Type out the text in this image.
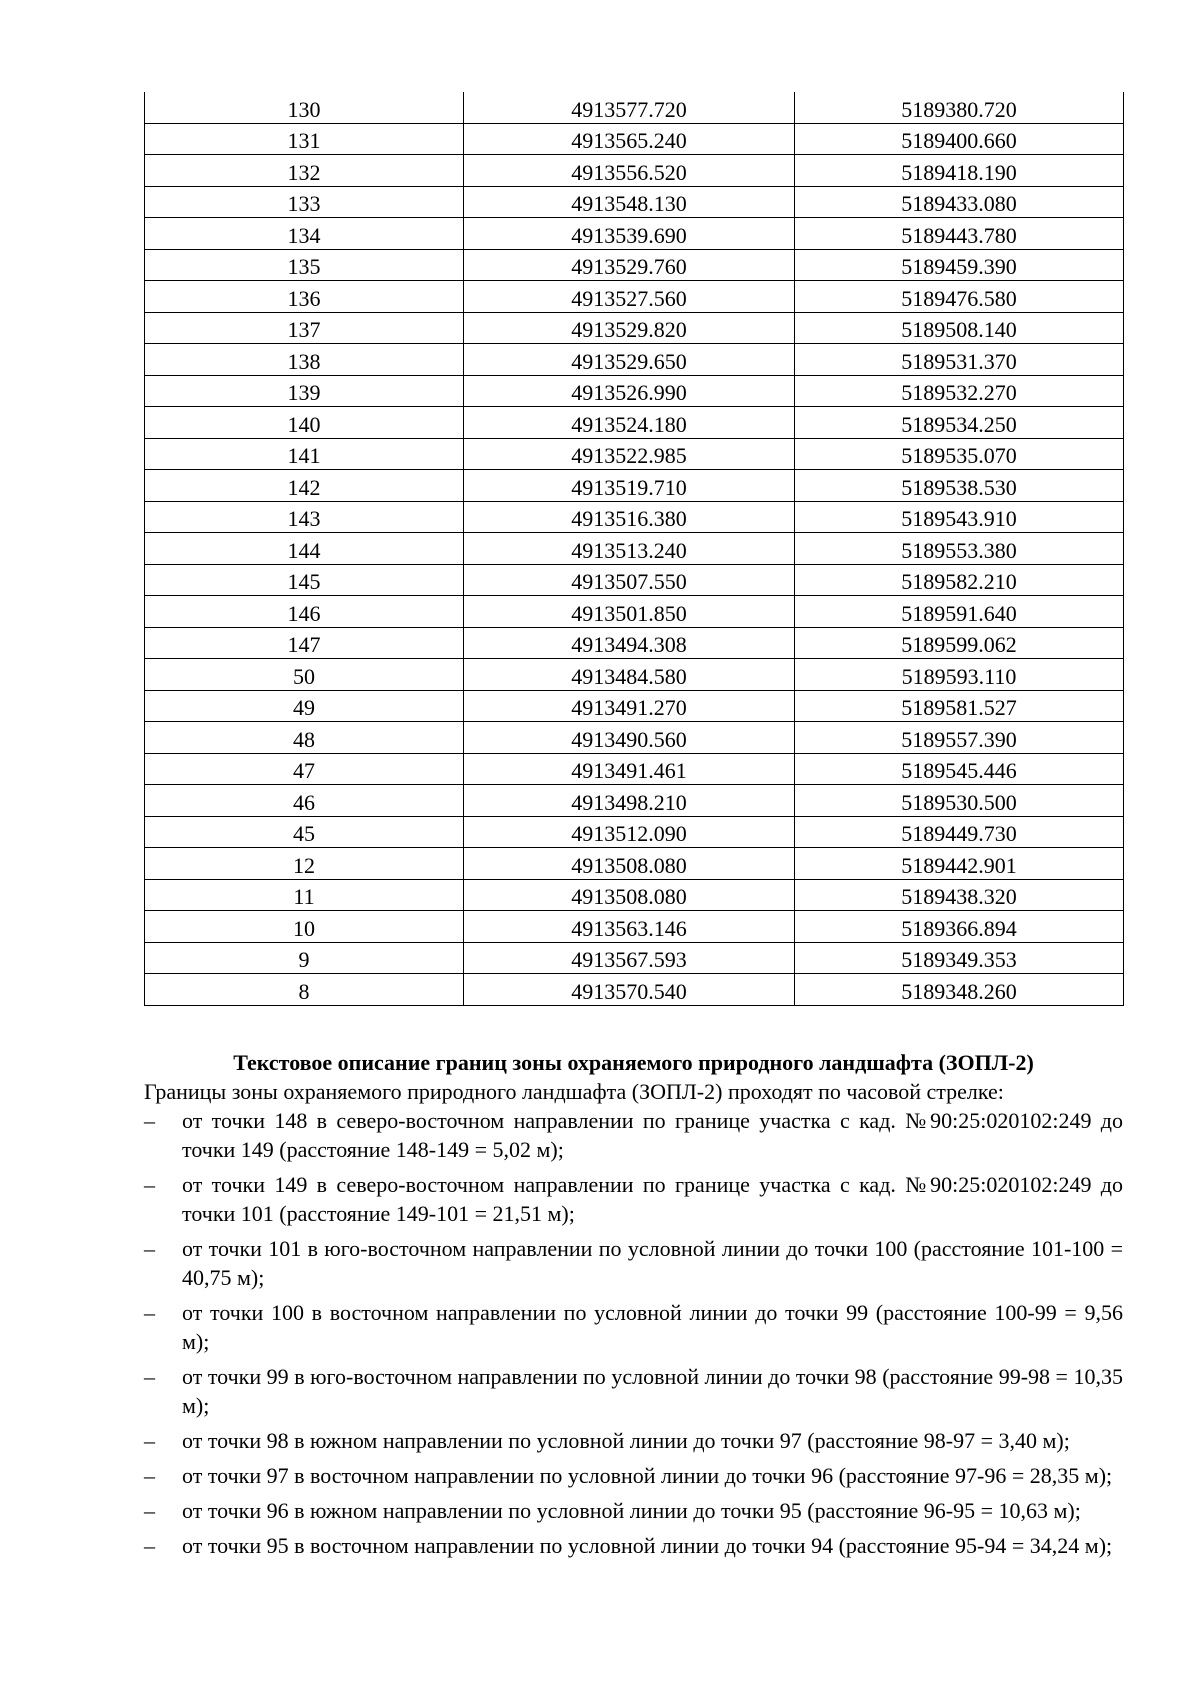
130	4913577.720	5189380.720
131	4913565.240	5189400.660
132	4913556.520	5189418.190
133	4913548.130	5189433.080
134	4913539.690	5189443.780
135	4913529.760	5189459.390
136	4913527.560	5189476.580
137	4913529.820	5189508.140
138	4913529.650	5189531.370
139	4913526.990	5189532.270
140	4913524.180	5189534.250
141	4913522.985	5189535.070
142	4913519.710	5189538.530
143	4913516.380	5189543.910
144	4913513.240	5189553.380
145	4913507.550	5189582.210
146	4913501.850	5189591.640
147	4913494.308	5189599.062
50	4913484.580	5189593.110
49	4913491.270	5189581.527
48	4913490.560	5189557.390
47	4913491.461	5189545.446
46	4913498.210	5189530.500
45	4913512.090	5189449.730
12	4913508.080	5189442.901
11	4913508.080	5189438.320
10	4913563.146	5189366.894
9	4913567.593	5189349.353
8	4913570.540	5189348.260

Текстовое описание границ зоны охраняемого природного ландшафта (ЗОПЛ-2)

Границы зоны охраняемого природного ландшафта (ЗОПЛ-2) проходят по часовой стрелке:

–	от точки 148 в северо-восточном направлении по границе участка с кад. №90:25:020102:249 до точки 149 (расстояние 148-149 = 5,02 м);
–	от точки 149 в северо-восточном направлении по границе участка с кад. №90:25:020102:249 до точки 101 (расстояние 149-101 = 21,51 м);
–	от точки 101 в юго-восточном направлении по условной линии до точки 100 (расстояние 101-100 = 40,75 м);
–	от точки 100 в восточном направлении по условной линии до точки 99 (расстояние 100-99 = 9,56 м);
–	от точки 99 в юго-восточном направлении по условной линии до точки 98 (расстояние 99-98 = 10,35 м);
–	от точки 98 в южном направлении по условной линии до точки 97 (расстояние 98-97 = 3,40 м);
–	от точки 97 в восточном направлении по условной линии до точки 96 (расстояние 97-96 = 28,35 м);
–	от точки 96 в южном направлении по условной линии до точки 95 (расстояние 96-95 = 10,63 м);
–	от точки 95 в восточном направлении по условной линии до точки 94 (расстояние 95-94 = 34,24 м);
